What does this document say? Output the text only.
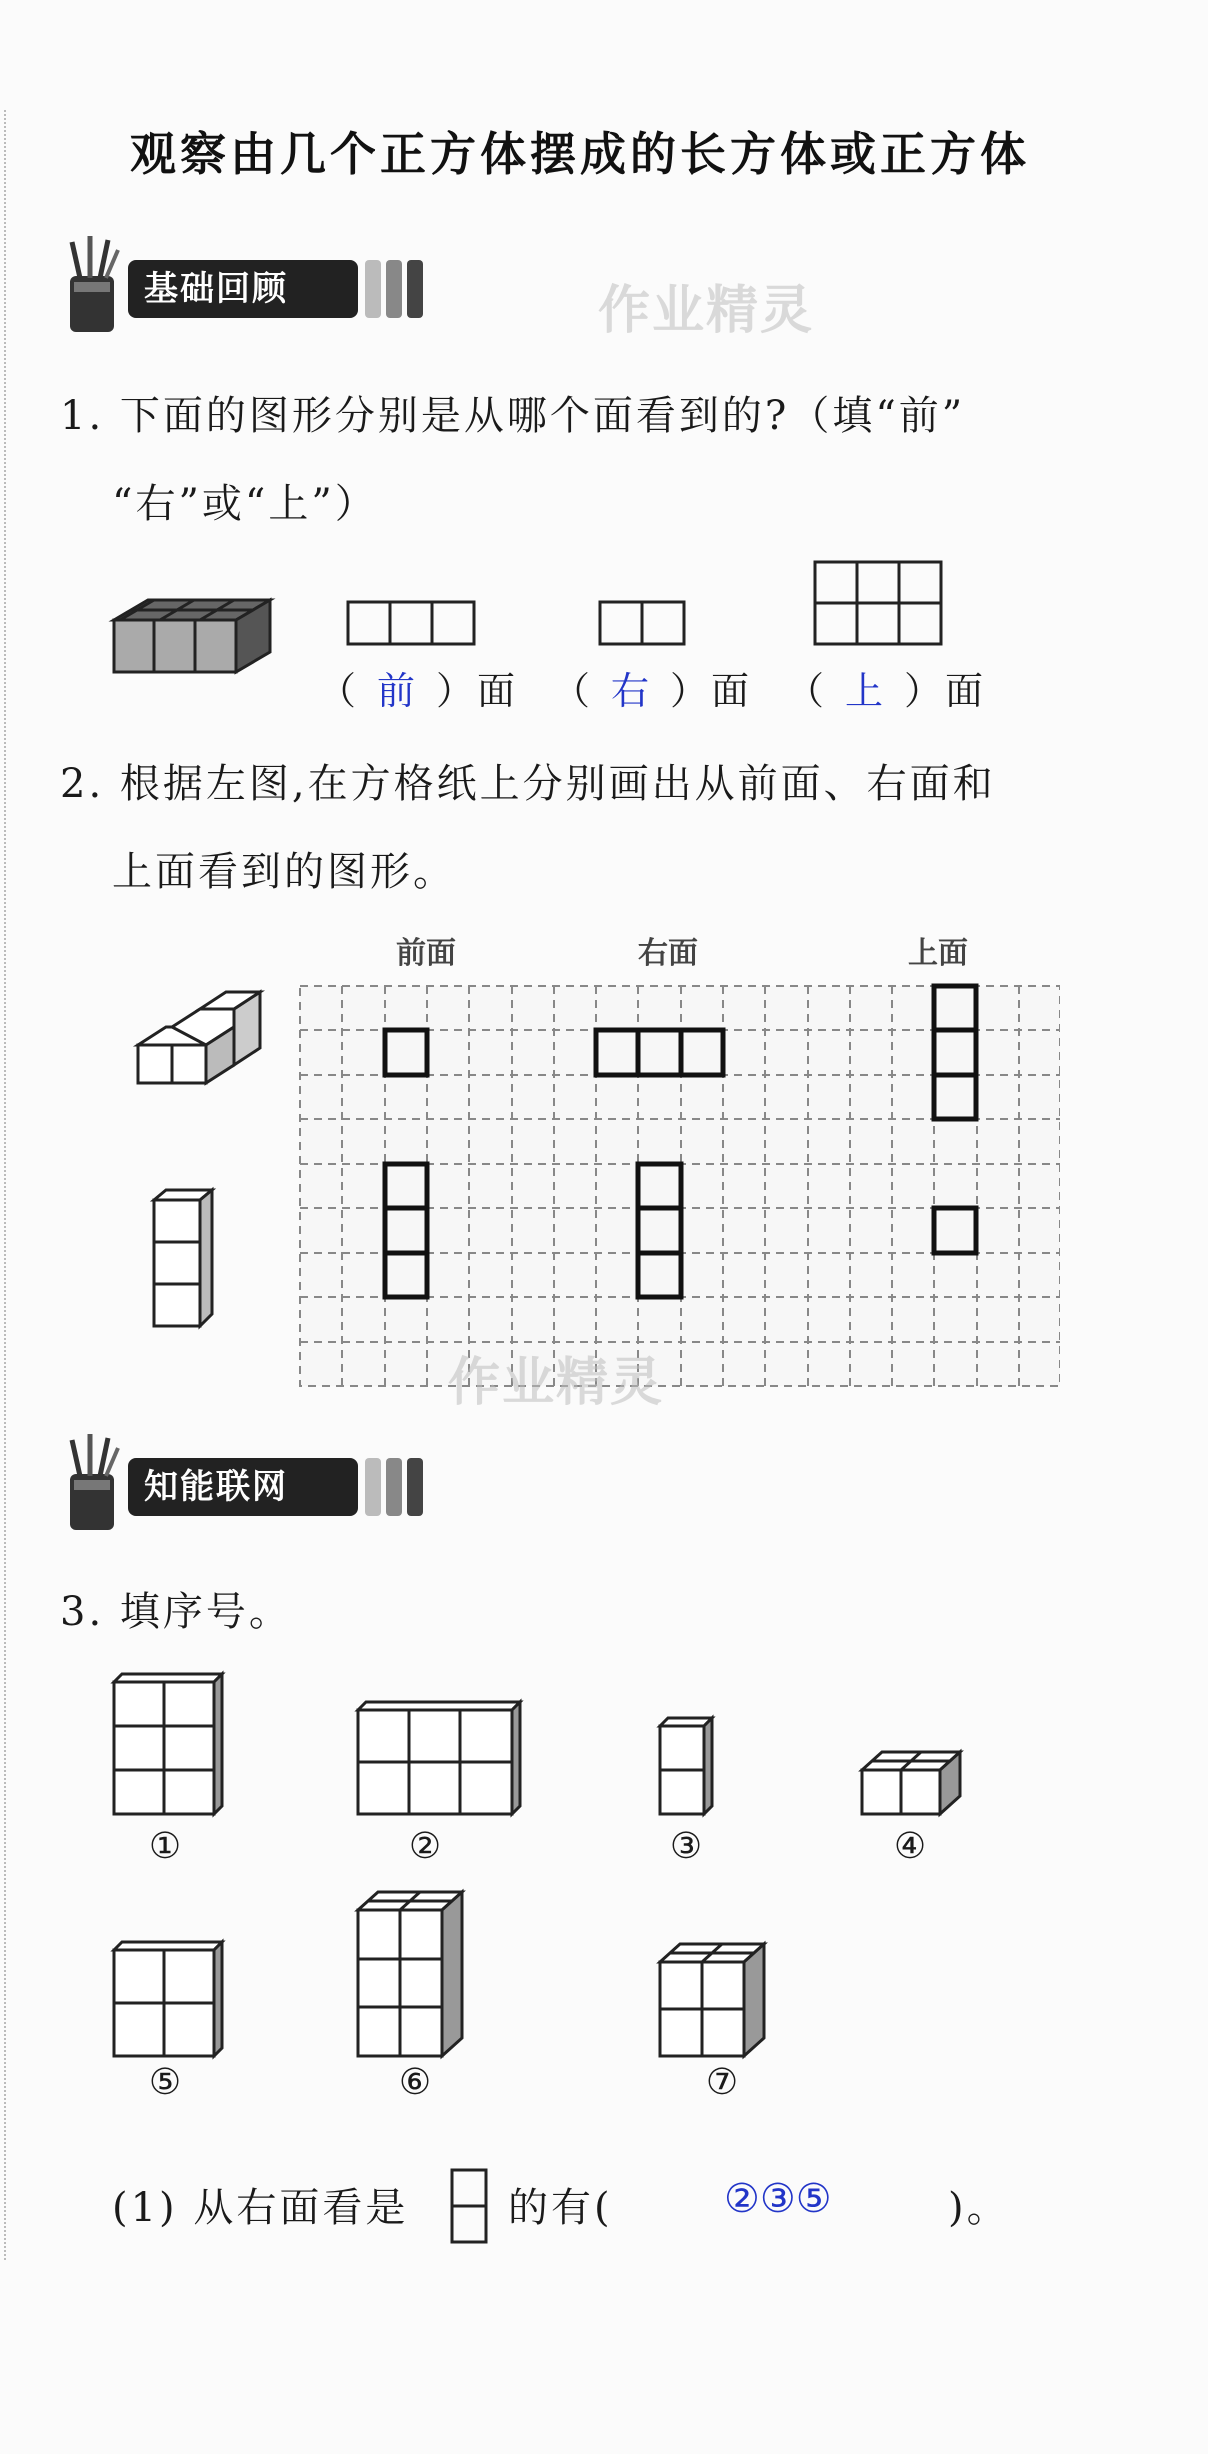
观察由几个正方体摆成的长方体或正方体
基础回顾	作业精灵
1. 下面的图形分别是从哪个面看到的?（填“前”
“右”或“上”）
（ 前 ）面 （ 右 ）面 （ 上 ）面
2. 根据左图,在方格纸上分别画出从前面、右面和
上面看到的图形。
前面	右面	上面
作业精灵
知能联网
3. 填序号。
①	②	③	④
⑤	⑥	⑦
(1) 从右面看是 的有(	②③⑤	)。
